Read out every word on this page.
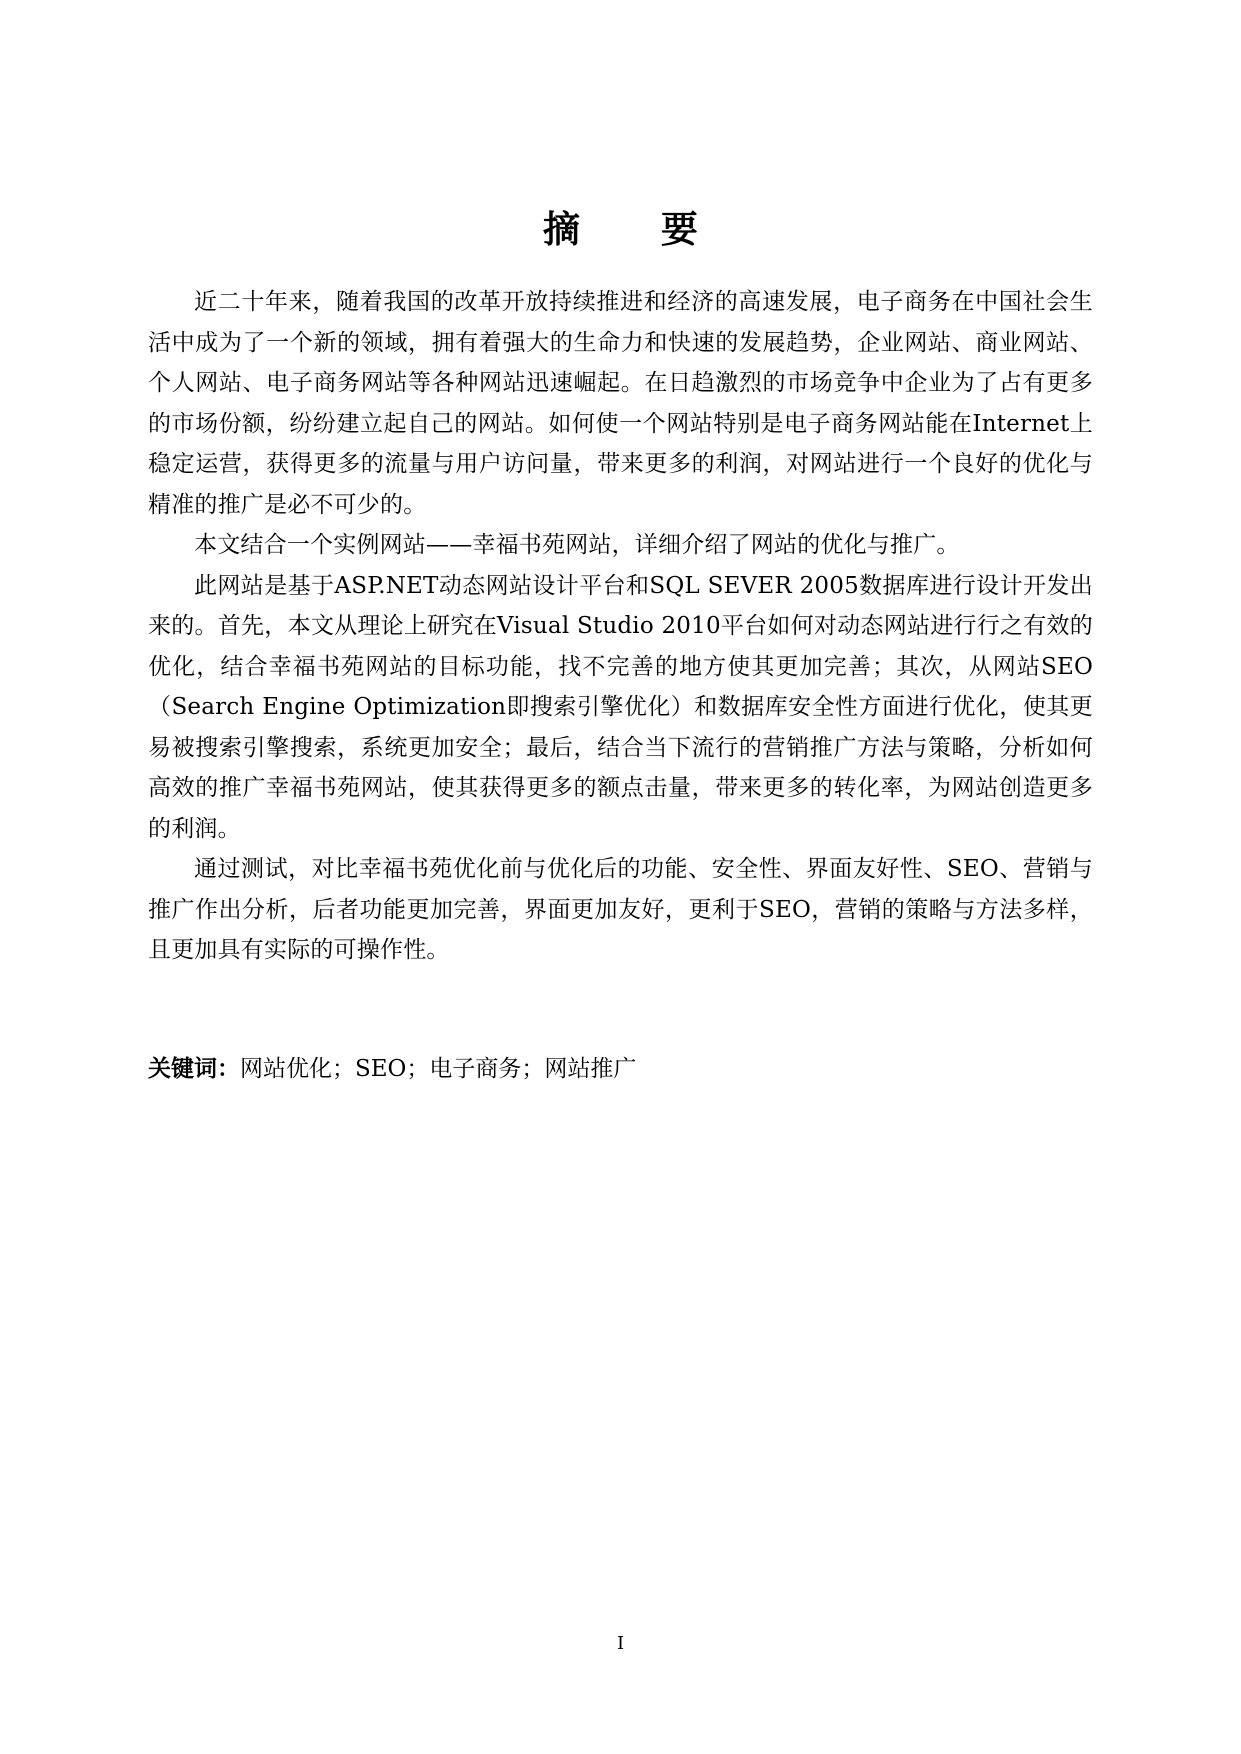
摘 要

近二十年来，随着我国的改革开放持续推进和经济的高速发展，电子商务在中国社会生活中成为了一个新的领域，拥有着强大的生命力和快速的发展趋势，企业网站、商业网站、个人网站、电子商务网站等各种网站迅速崛起。在日趋激烈的市场竞争中企业为了占有更多的市场份额，纷纷建立起自己的网站。如何使一个网站特别是电子商务网站能在Internet上稳定运营，获得更多的流量与用户访问量，带来更多的利润，对网站进行一个良好的优化与精准的推广是必不可少的。

本文结合一个实例网站——幸福书苑网站，详细介绍了网站的优化与推广。

此网站是基于ASP.NET动态网站设计平台和SQL SEVER 2005数据库进行设计开发出来的。首先，本文从理论上研究在Visual Studio 2010平台如何对动态网站进行行之有效的优化，结合幸福书苑网站的目标功能，找不完善的地方使其更加完善；其次，从网站SEO（Search Engine Optimization即搜索引擎优化）和数据库安全性方面进行优化，使其更易被搜索引擎搜索，系统更加安全；最后，结合当下流行的营销推广方法与策略，分析如何高效的推广幸福书苑网站，使其获得更多的额点击量，带来更多的转化率，为网站创造更多的利润。

通过测试，对比幸福书苑优化前与优化后的功能、安全性、界面友好性、SEO、营销与推广作出分析，后者功能更加完善，界面更加友好，更利于SEO，营销的策略与方法多样，且更加具有实际的可操作性。

关键词：网站优化；SEO；电子商务；网站推广
I
